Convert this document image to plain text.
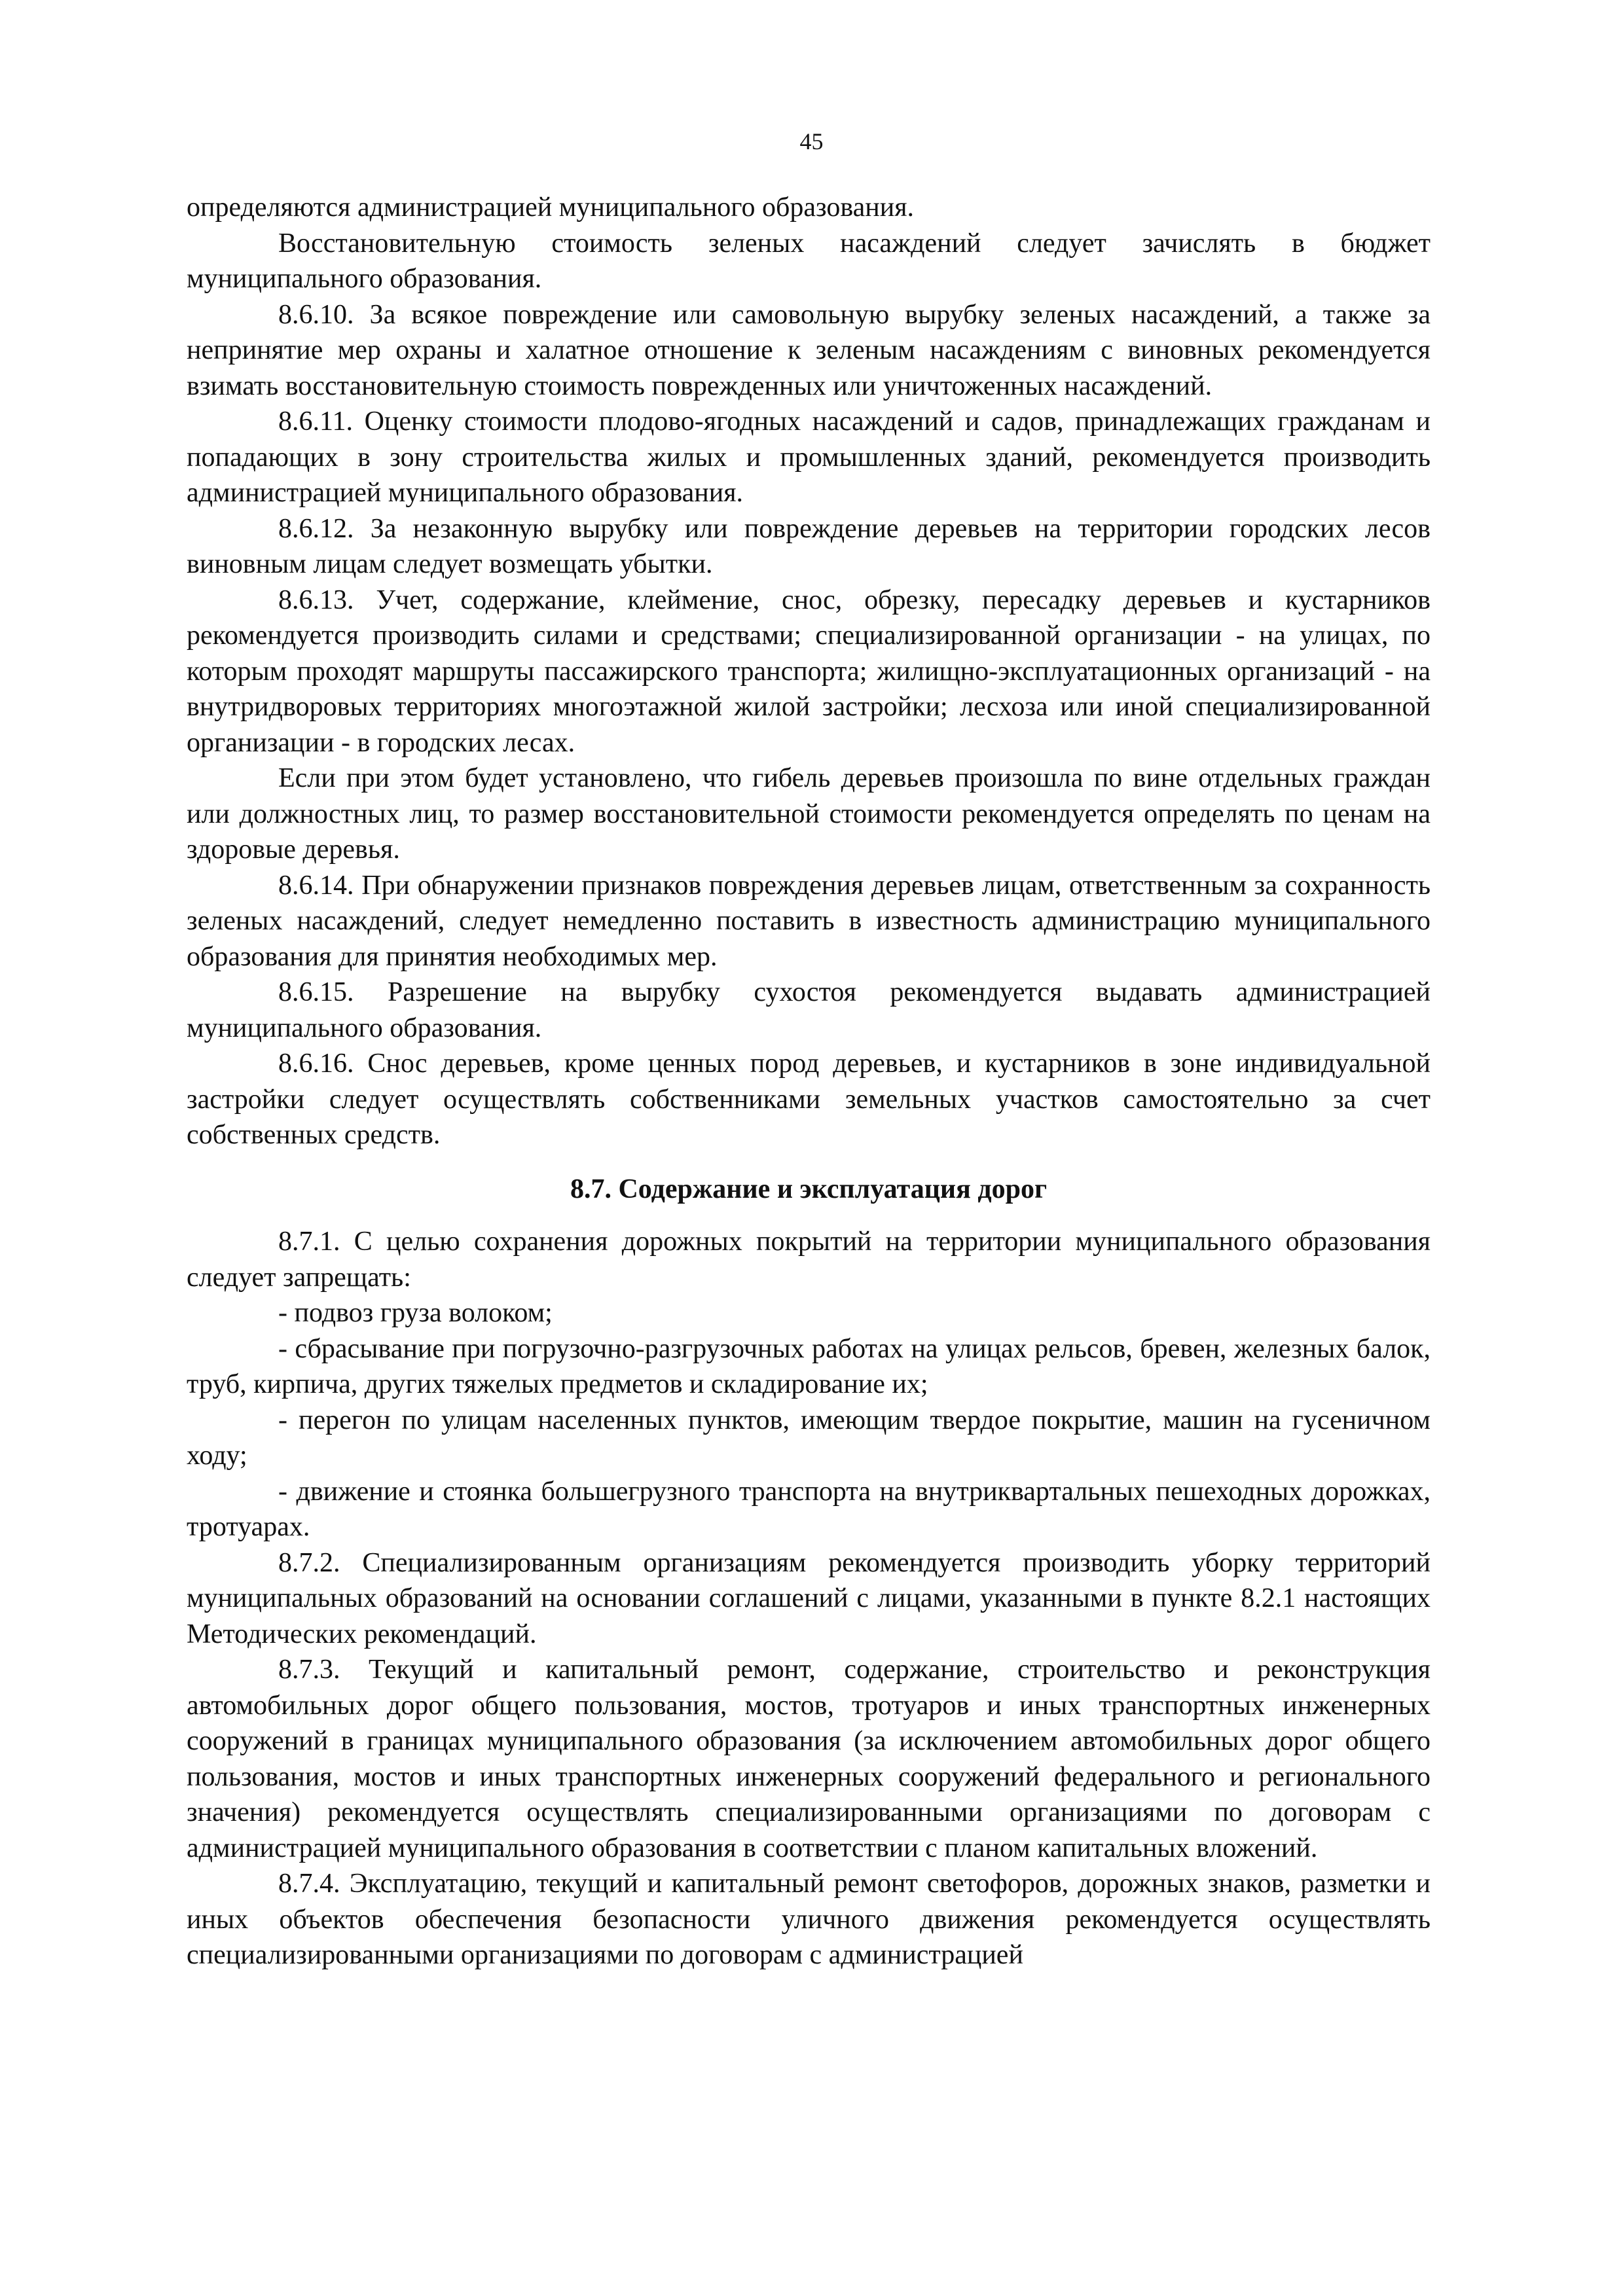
45

определяются администрацией муниципального образования.

Восстановительную стоимость зеленых насаждений следует зачислять в бюджет муниципального образования.

8.6.10. За всякое повреждение или самовольную вырубку зеленых насаждений, а также за непринятие мер охраны и халатное отношение к зеленым насаждениям с виновных рекомендуется взимать восстановительную стоимость поврежденных или уничтоженных насаждений.

8.6.11. Оценку стоимости плодово-ягодных насаждений и садов, принадлежащих гражданам и попадающих в зону строительства жилых и промышленных зданий, рекомендуется производить администрацией муниципального образования.

8.6.12. За незаконную вырубку или повреждение деревьев на территории городских лесов виновным лицам следует возмещать убытки.

8.6.13. Учет, содержание, клеймение, снос, обрезку, пересадку деревьев и кустарников рекомендуется производить силами и средствами; специализированной организации - на улицах, по которым проходят маршруты пассажирского транспорта; жилищно-эксплуатационных организаций - на внутридворовых территориях многоэтажной жилой застройки; лесхоза или иной специализированной организации - в городских лесах.

Если при этом будет установлено, что гибель деревьев произошла по вине отдельных граждан или должностных лиц, то размер восстановительной стоимости рекомендуется определять по ценам на здоровые деревья.

8.6.14. При обнаружении признаков повреждения деревьев лицам, ответственным за сохранность зеленых насаждений, следует немедленно поставить в известность администрацию муниципального образования для принятия необходимых мер.

8.6.15. Разрешение на вырубку сухостоя рекомендуется выдавать администрацией муниципального образования.

8.6.16. Снос деревьев, кроме ценных пород деревьев, и кустарников в зоне индивидуальной застройки следует осуществлять собственниками земельных участков самостоятельно за счет собственных средств.

8.7. Содержание и эксплуатация дорог

8.7.1. С целью сохранения дорожных покрытий на территории муниципального образования следует запрещать:

- подвоз груза волоком;

- сбрасывание при погрузочно-разгрузочных работах на улицах рельсов, бревен, железных балок, труб, кирпича, других тяжелых предметов и складирование их;

- перегон по улицам населенных пунктов, имеющим твердое покрытие, машин на гусеничном ходу;

- движение и стоянка большегрузного транспорта на внутриквартальных пешеходных дорожках, тротуарах.

8.7.2. Специализированным организациям рекомендуется производить уборку территорий муниципальных образований на основании соглашений с лицами, указанными в пункте 8.2.1 настоящих Методических рекомендаций.

8.7.3. Текущий и капитальный ремонт, содержание, строительство и реконструкция автомобильных дорог общего пользования, мостов, тротуаров и иных транспортных инженерных сооружений в границах муниципального образования (за исключением автомобильных дорог общего пользования, мостов и иных транспортных инженерных сооружений федерального и регионального значения) рекомендуется осуществлять специализированными организациями по договорам с администрацией муниципального образования в соответствии с планом капитальных вложений.

8.7.4. Эксплуатацию, текущий и капитальный ремонт светофоров, дорожных знаков, разметки и иных объектов обеспечения безопасности уличного движения рекомендуется осуществлять специализированными организациями по договорам с администрацией
